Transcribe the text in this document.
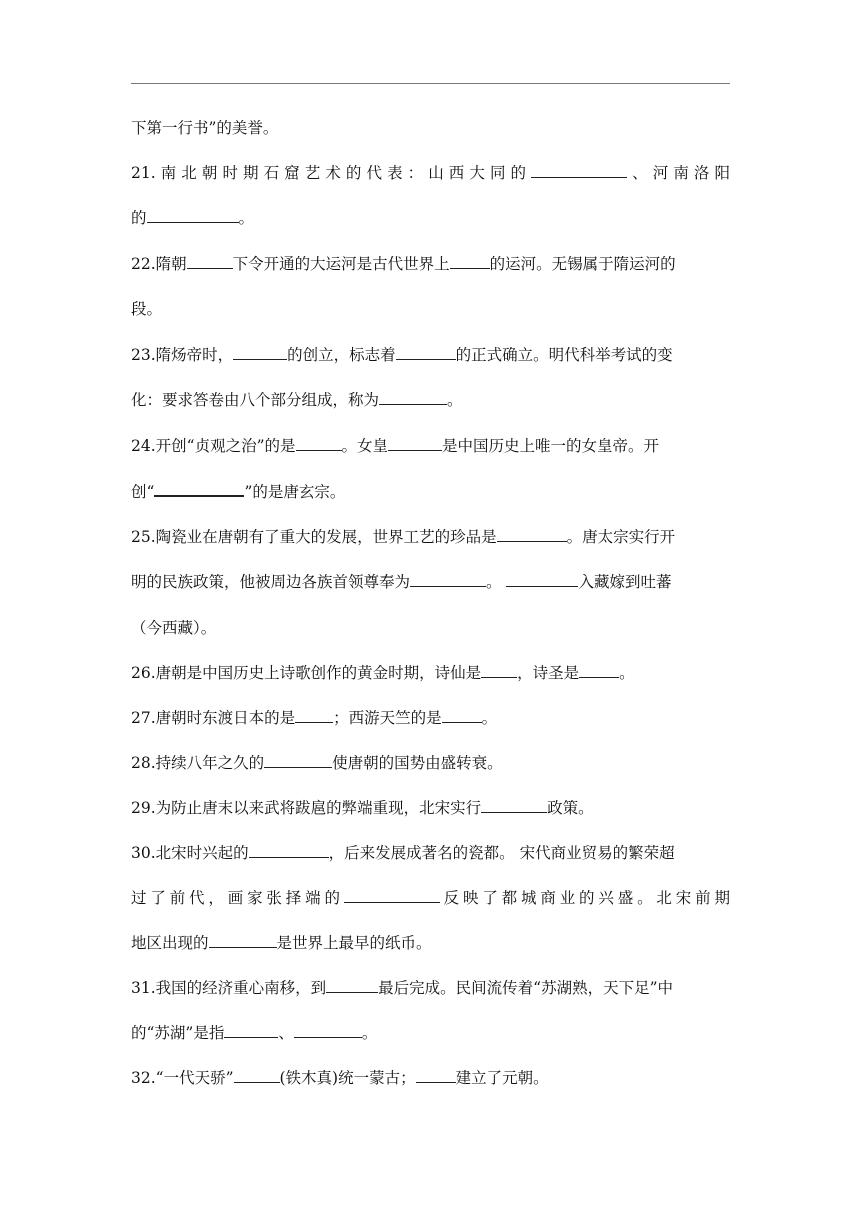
下第一行书”的美誉。
21.南北朝时期石窟艺术的代表：山西大同的	、河南洛阳
的	。
22.隋朝	下令开通的大运河是古代世界上	的运河。无锡属于隋运河的
段。
23.隋炀帝时，	的创立，标志着	的正式确立。明代科举考试的变
化：要求答卷由八个部分组成，称为	。
24.开创“贞观之治”的是	。女皇	是中国历史上唯一的女皇帝。开
创“	”的是唐玄宗。
25.陶瓷业在唐朝有了重大的发展，世界工艺的珍品是	。唐太宗实行开
明的民族政策，他被周边各族首领尊奉为	。	入藏嫁到吐蕃
（今西藏）。
26.唐朝是中国历史上诗歌创作的黄金时期，诗仙是 ，诗圣是	。
27.唐朝时东渡日本的是 ；西游天竺的是	。
28.持续八年之久的	使唐朝的国势由盛转衰。
29.为防止唐末以来武将跋扈的弊端重现，北宋实行	政策。
30.北宋时兴起的	，后来发展成著名的瓷都。 宋代商业贸易的繁荣超
过了前代，画家张择端的	反映了都城商业的兴盛。北宋前期
地区出现的	是世界上最早的纸币。
31.我国的经济重心南移，到	最后完成。民间流传着“苏湖熟，天下足”中
的“苏湖”是指	、	。
32.“一代天骄”	(铁木真)统一蒙古；	建立了元朝。
